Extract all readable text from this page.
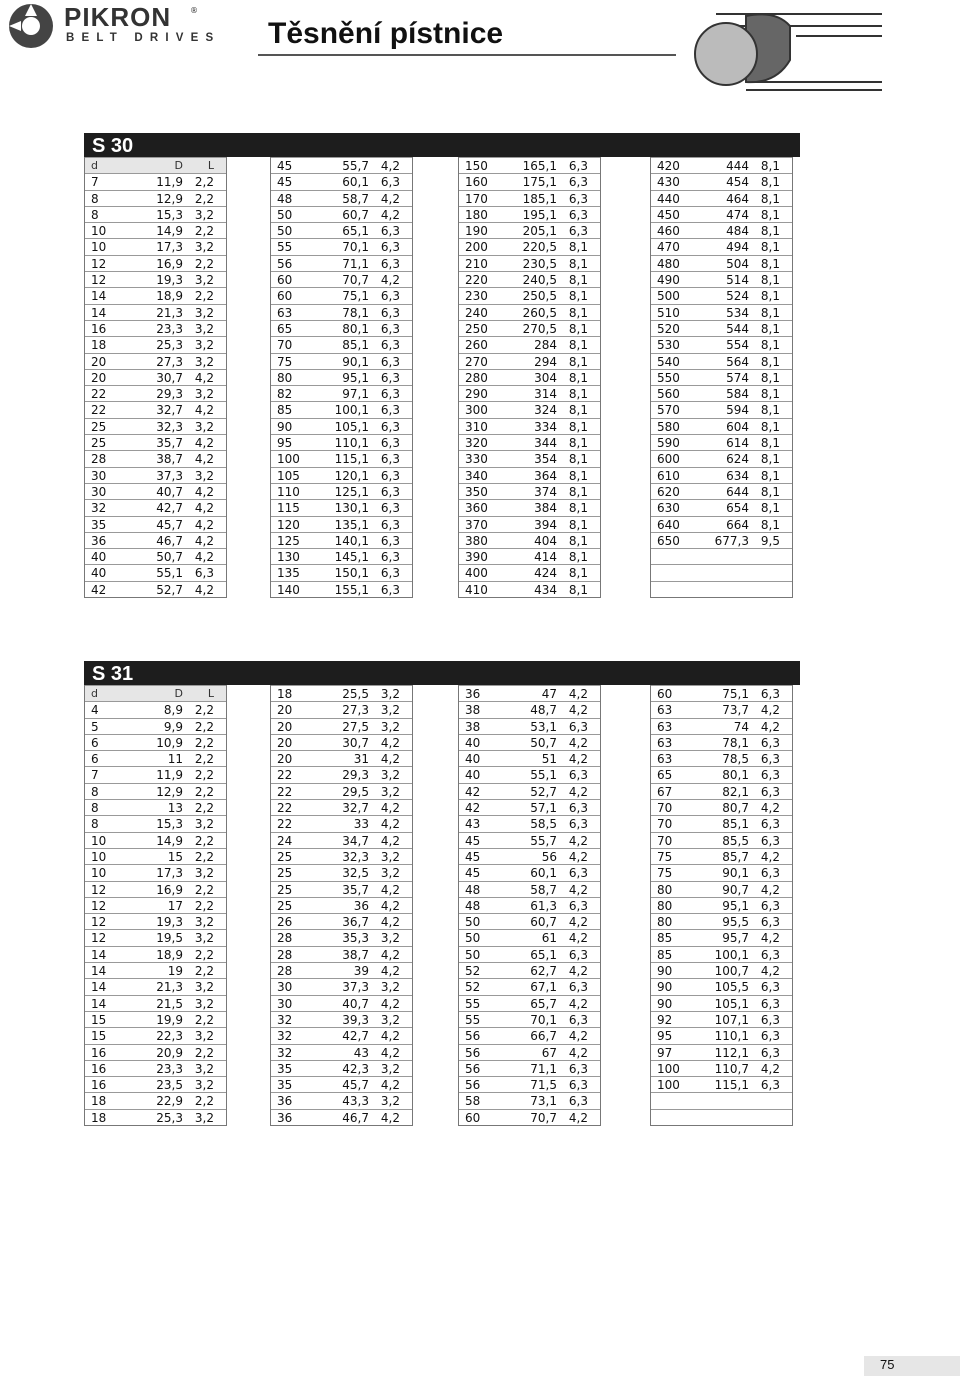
PIKRON ®
BELT DRIVES Těsnění pístnice
S 30
d	D	L
7	11,9 2,2
8	12,9 2,2
8	15,3 3,2
10	14,9 2,2
10	17,3 3,2
12	16,9 2,2
12	19,3 3,2
14	18,9 2,2
14	21,3 3,2
16	23,3 3,2
18	25,3 3,2
20	27,3 3,2
20	30,7 4,2
22	29,3 3,2
22	32,7 4,2
25	32,3 3,2
25	35,7 4,2
28	38,7 4,2
30	37,3 3,2
30	40,7 4,2
32	42,7 4,2
35	45,7 4,2
36	46,7 4,2
40	50,7 4,2
40	55,1 6,3
42	52,7 4,2
45	55,7 4,2
45	60,1 6,3
48	58,7 4,2
50	60,7 4,2
50	65,1 6,3
55	70,1 6,3
56	71,1 6,3
60	70,7 4,2
60	75,1 6,3
63	78,1 6,3
65	80,1 6,3
70	85,1 6,3
75	90,1 6,3
80	95,1 6,3
82	97,1 6,3
85	100,1 6,3
90	105,1 6,3
95	110,1 6,3
100	115,1 6,3
105	120,1 6,3
110	125,1 6,3
115	130,1 6,3
120	135,1 6,3
125	140,1 6,3
130	145,1 6,3
135	150,1 6,3
140	155,1 6,3
150	165,1 6,3
160	175,1 6,3
170	185,1 6,3
180	195,1 6,3
190	205,1 6,3
200	220,5 8,1
210	230,5 8,1
220	240,5 8,1
230	250,5 8,1
240	260,5 8,1
250	270,5 8,1
260	284 8,1
270	294 8,1
280	304 8,1
290	314 8,1
300	324 8,1
310	334 8,1
320	344 8,1
330	354 8,1
340	364 8,1
350	374 8,1
360	384 8,1
370	394 8,1
380	404 8,1
390	414 8,1
400	424 8,1
410	434 8,1
420	444 8,1
430	454 8,1
440	464 8,1
450	474 8,1
460	484 8,1
470	494 8,1
480	504 8,1
490	514 8,1
500	524 8,1
510	534 8,1
520	544 8,1
530	554 8,1
540	564 8,1
550	574 8,1
560	584 8,1
570	594 8,1
580	604 8,1
590	614 8,1
600	624 8,1
610	634 8,1
620	644 8,1
630	654 8,1
640	664 8,1
650	677,3 9,5
S 31
d	D	L
4	8,9 2,2
5	9,9 2,2
6	10,9 2,2
6	11 2,2
7	11,9 2,2
8	12,9 2,2
8	13 2,2
8	15,3 3,2
10	14,9 2,2
10	15 2,2
10	17,3 3,2
12	16,9 2,2
12	17 2,2
12	19,3 3,2
12	19,5 3,2
14	18,9 2,2
14	19 2,2
14	21,3 3,2
14	21,5 3,2
15	19,9 2,2
15	22,3 3,2
16	20,9 2,2
16	23,3 3,2
16	23,5 3,2
18	22,9 2,2
18	25,3 3,2
18	25,5 3,2
20	27,3 3,2
20	27,5 3,2
20	30,7 4,2
20	31 4,2
22	29,3 3,2
22	29,5 3,2
22	32,7 4,2
22	33 4,2
24	34,7 4,2
25	32,3 3,2
25	32,5 3,2
25	35,7 4,2
25	36 4,2
26	36,7 4,2
28	35,3 3,2
28	38,7 4,2
28	39 4,2
30	37,3 3,2
30	40,7 4,2
32	39,3 3,2
32	42,7 4,2
32	43 4,2
35	42,3 3,2
35	45,7 4,2
36	43,3 3,2
36	46,7 4,2
36	47 4,2
38	48,7 4,2
38	53,1 6,3
40	50,7 4,2
40	51 4,2
40	55,1 6,3
42	52,7 4,2
42	57,1 6,3
43	58,5 6,3
45	55,7 4,2
45	56 4,2
45	60,1 6,3
48	58,7 4,2
48	61,3 6,3
50	60,7 4,2
50	61 4,2
50	65,1 6,3
52	62,7 4,2
52	67,1 6,3
55	65,7 4,2
55	70,1 6,3
56	66,7 4,2
56	67 4,2
56	71,1 6,3
56	71,5 6,3
58	73,1 6,3
60	70,7 4,2
60	75,1 6,3
63	73,7 4,2
63	74 4,2
63	78,1 6,3
63	78,5 6,3
65	80,1 6,3
67	82,1 6,3
70	80,7 4,2
70	85,1 6,3
70	85,5 6,3
75	85,7 4,2
75	90,1 6,3
80	90,7 4,2
80	95,1 6,3
80	95,5 6,3
85	95,7 4,2
85	100,1 6,3
90	100,7 4,2
90	105,5 6,3
90	105,1 6,3
92	107,1 6,3
95	110,1 6,3
97	112,1 6,3
100	110,7 4,2
100	115,1 6,3
75
